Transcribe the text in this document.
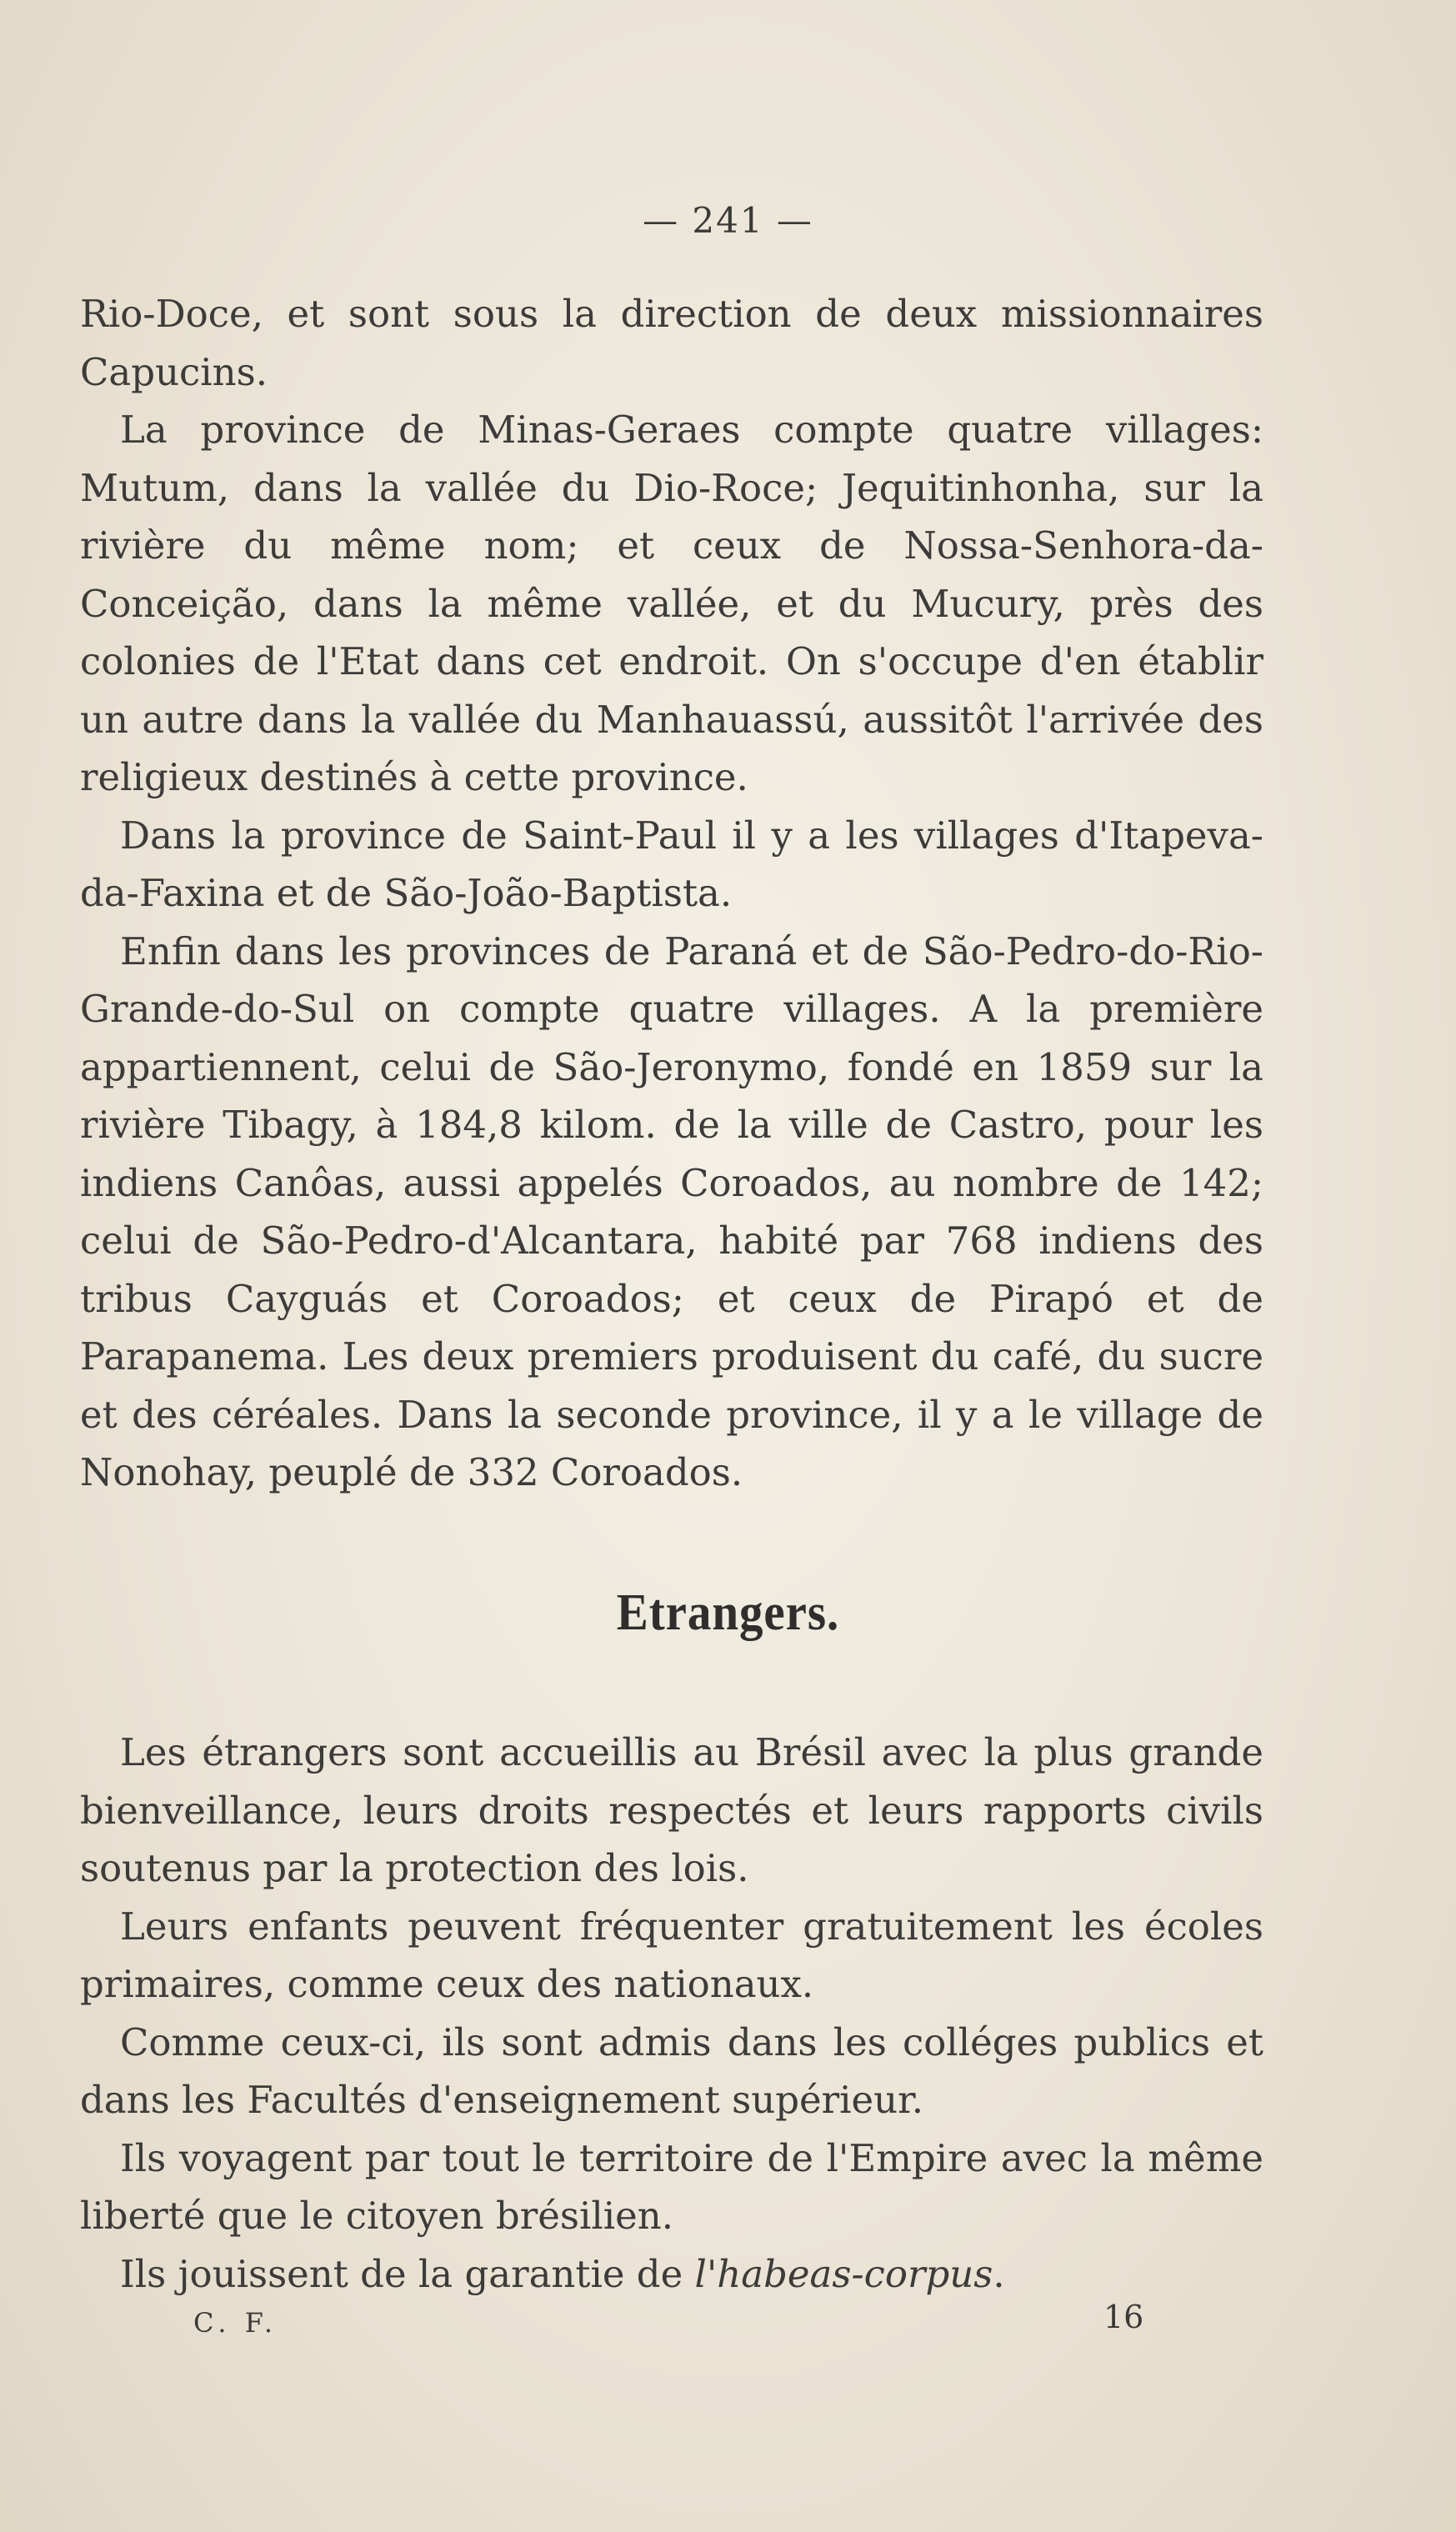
— 241 —

Rio-Doce, et sont sous la direction de deux missionnaires Capucins.

La province de Minas-Geraes compte quatre villages: Mutum, dans la vallée du Dio-Roce; Jequitinhonha, sur la rivière du même nom; et ceux de Nossa-Senhora-da-Conceição, dans la même vallée, et du Mucury, près des colonies de l'Etat dans cet endroit. On s'occupe d'en établir un autre dans la vallée du Manhauassú, aussitôt l'arrivée des religieux destinés à cette province.

Dans la province de Saint-Paul il y a les villages d'Itapeva-da-Faxina et de São-João-Baptista.

Enfin dans les provinces de Paraná et de São-Pedro-do-Rio-Grande-do-Sul on compte quatre villages. A la première appartiennent, celui de São-Jeronymo, fondé en 1859 sur la rivière Tibagy, à 184,8 kilom. de la ville de Castro, pour les indiens Canôas, aussi appelés Coroados, au nombre de 142; celui de São-Pedro-d'Alcantara, habité par 768 indiens des tribus Cayguás et Coroados; et ceux de Pirapó et de Parapanema. Les deux premiers produisent du café, du sucre et des céréales. Dans la seconde province, il y a le village de Nonohay, peuplé de 332 Coroados.

Etrangers.

Les étrangers sont accueillis au Brésil avec la plus grande bienveillance, leurs droits respectés et leurs rapports civils soutenus par la protection des lois.

Leurs enfants peuvent fréquenter gratuitement les écoles primaires, comme ceux des nationaux.

Comme ceux-ci, ils sont admis dans les colléges publics et dans les Facultés d'enseignement supérieur.

Ils voyagent par tout le territoire de l'Empire avec la même liberté que le citoyen brésilien.

Ils jouissent de la garantie de l'habeas-corpus.

C. F.	16
